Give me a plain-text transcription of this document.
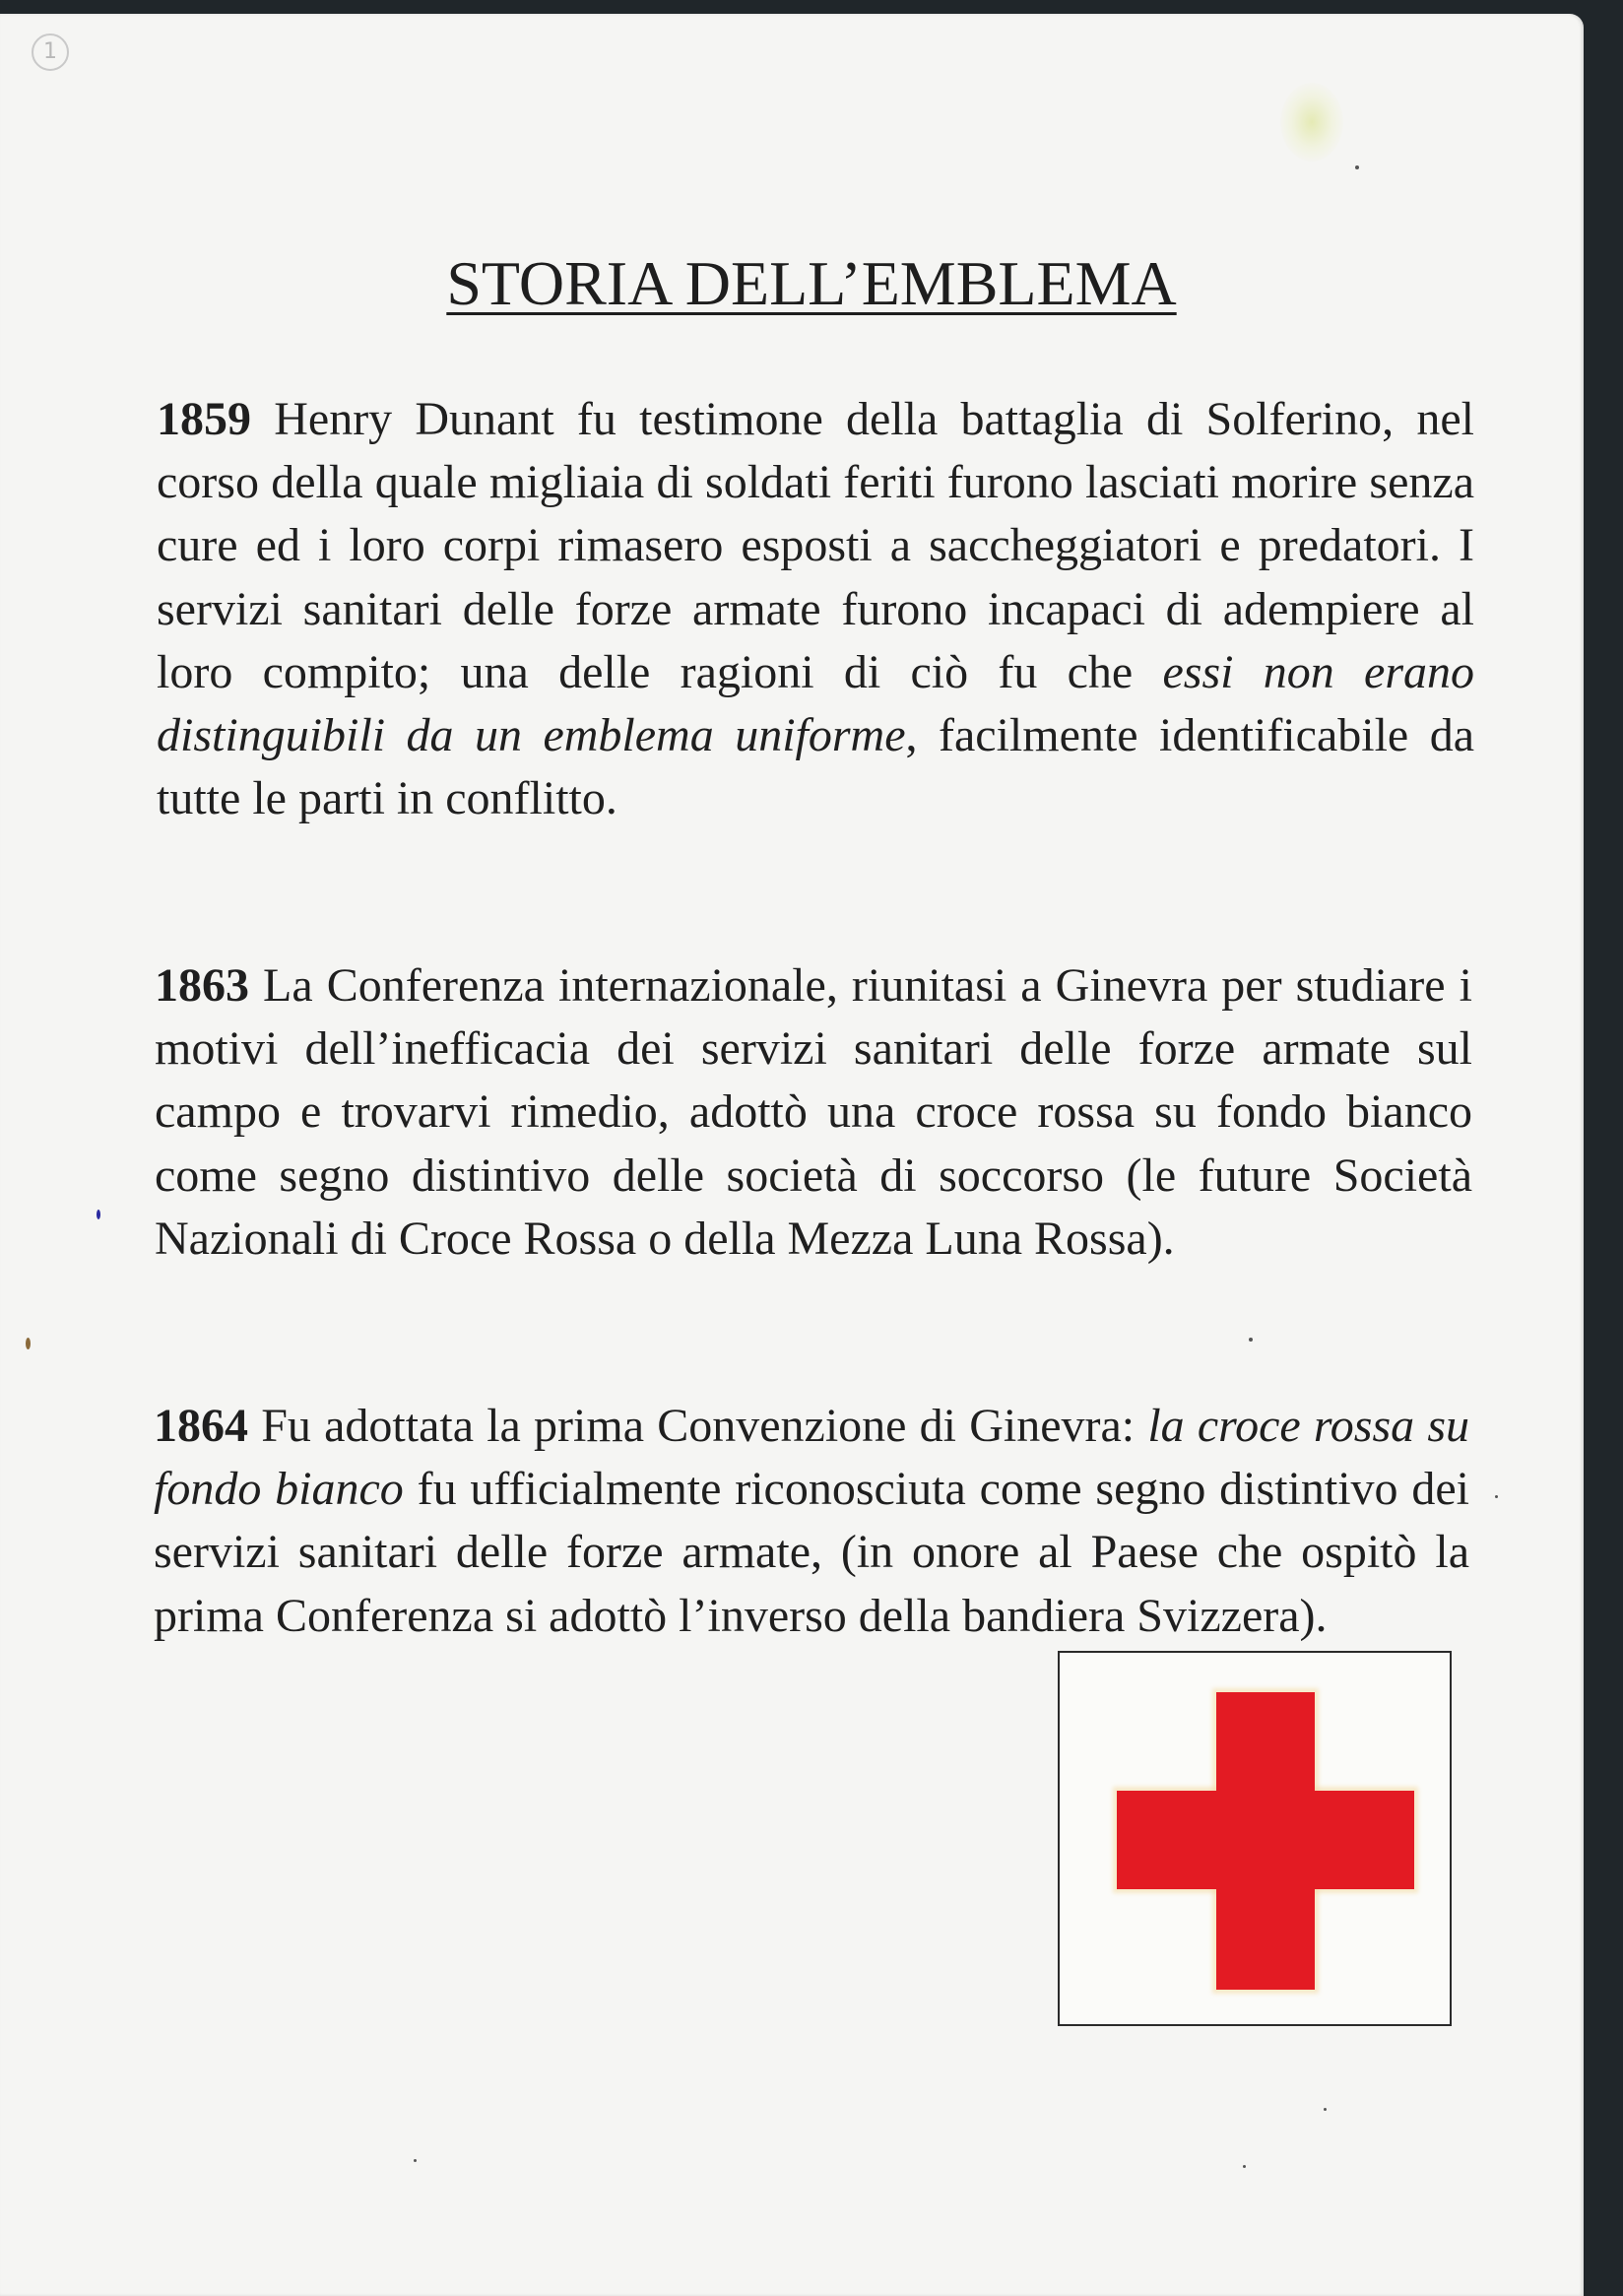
1
STORIA DELL’EMBLEMA

1859 Henry Dunant fu testimone della battaglia di Solferino, nel corso della quale migliaia di soldati feriti furono lasciati morire senza cure ed i loro corpi rimasero esposti a saccheggiatori e predatori. I servizi sanitari delle forze armate furono incapaci di adempiere al loro compito; una delle ragioni di ciò fu che essi non erano distinguibili da un emblema uniforme, facilmente identificabile da tutte le parti in conflitto.

1863 La Conferenza internazionale, riunitasi a Ginevra per studiare i motivi dell’inefficacia dei servizi sanitari delle forze armate sul campo e trovarvi rimedio, adottò una croce rossa su fondo bianco come segno distintivo delle società di soccorso (le future Società Nazionali di Croce Rossa o della Mezza Luna Rossa).

1864 Fu adottata la prima Convenzione di Ginevra: la croce rossa su fondo bianco fu ufficialmente riconosciuta come segno distintivo dei servizi sanitari delle forze armate, (in onore al Paese che ospitò la prima Conferenza si adottò l’inverso della bandiera Svizzera).
